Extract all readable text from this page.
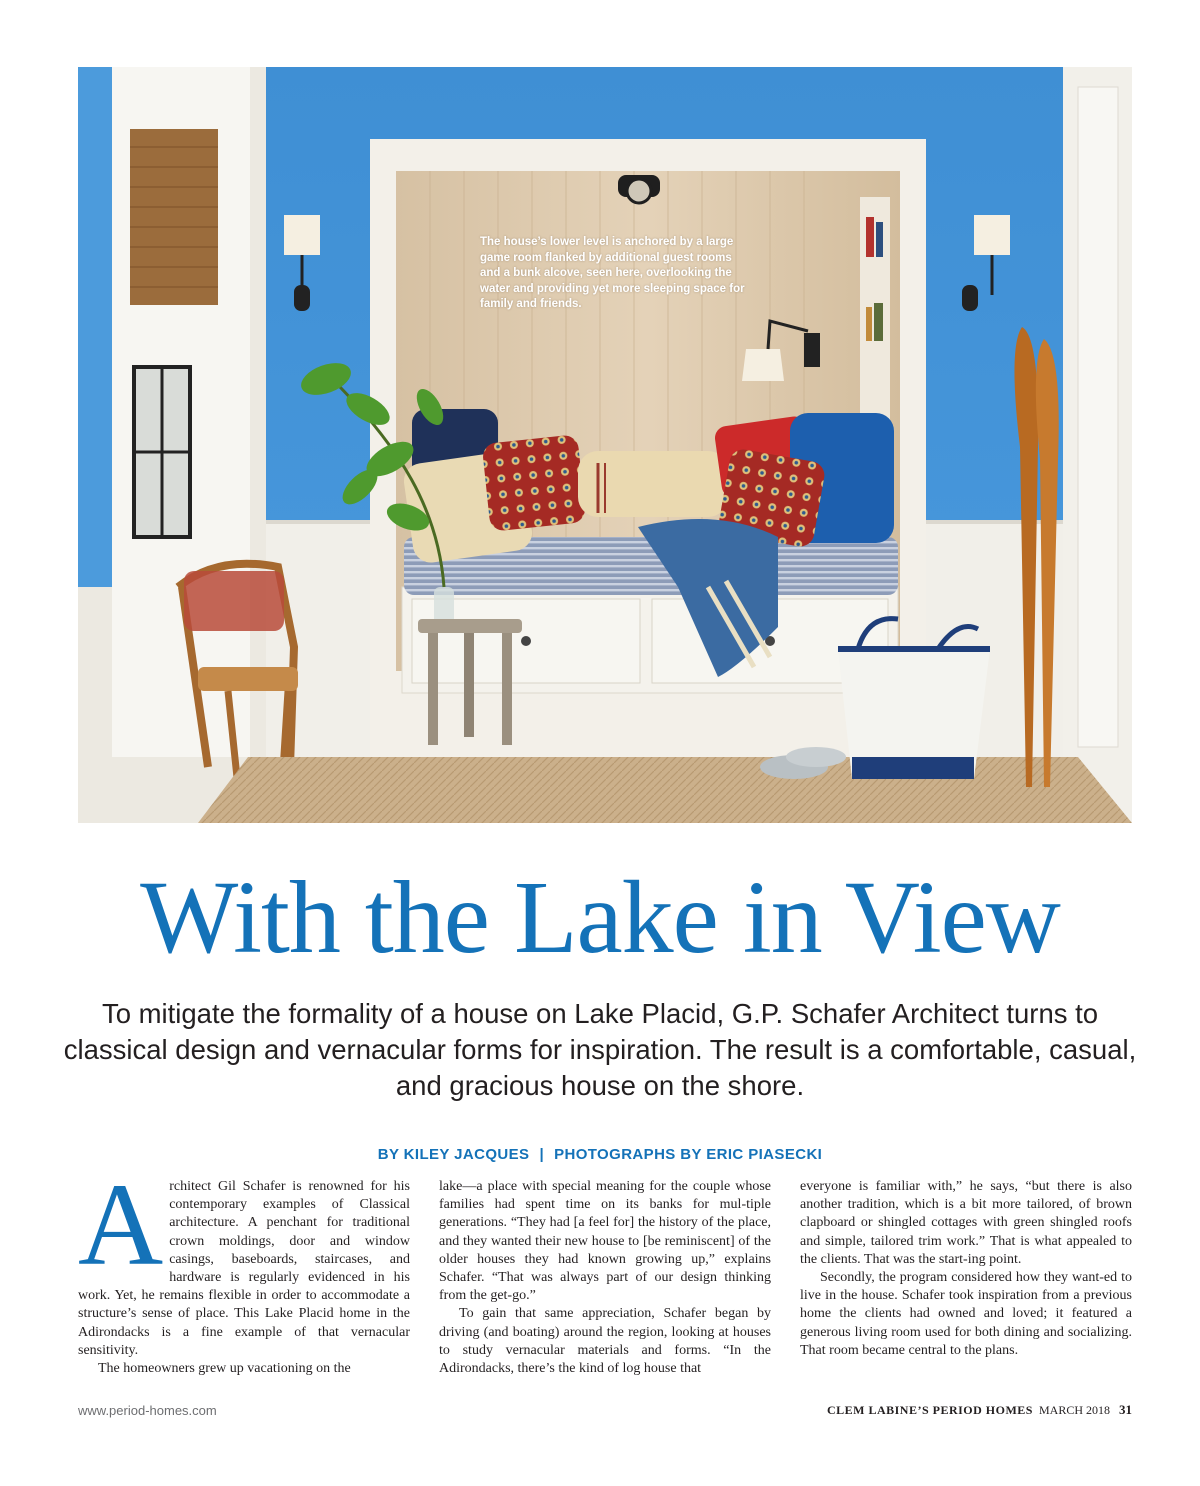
The house’s lower level is anchored by a large game room flanked by additional guest rooms and a bunk alcove, seen here, overlooking the water and providing yet more sleeping space for family and friends.
With the Lake in View
To mitigate the formality of a house on Lake Placid, G.P. Schafer Architect turns to classical design and vernacular forms for inspiration. The result is a comfortable, casual, and gracious house on the shore.
BY KILEY JACQUES | PHOTOGRAPHS BY ERIC PIASECKI

Architect Gil Schafer is renowned for his contemporary examples of Classical architecture. A penchant for traditional crown moldings, door and window casings, baseboards, staircases, and hardware is regularly evidenced in his work. Yet, he remains flexible in order to accommodate a structure’s sense of place. This Lake Placid home in the Adirondacks is a fine example of that vernacular sensitivity.

The homeowners grew up vacationing on the

lake—a place with special meaning for the couple whose families had spent time on its banks for mul-tiple generations. “They had [a feel for] the history of the place, and they wanted their new house to [be reminiscent] of the older houses they had known growing up,” explains Schafer. “That was always part of our design thinking from the get-go.”

To gain that same appreciation, Schafer began by driving (and boating) around the region, looking at houses to study vernacular materials and forms. “In the Adirondacks, there’s the kind of log house that

everyone is familiar with,” he says, “but there is also another tradition, which is a bit more tailored, of brown clapboard or shingled cottages with green shingled roofs and simple, tailored trim work.” That is what appealed to the clients. That was the start-ing point.

Secondly, the program considered how they want-ed to live in the house. Schafer took inspiration from a previous home the clients had owned and loved; it featured a generous living room used for both dining and socializing. That room became central to the plans.

www.period-homes.com	CLEM LABINE’S PERIOD HOMES MARCH 2018 31
